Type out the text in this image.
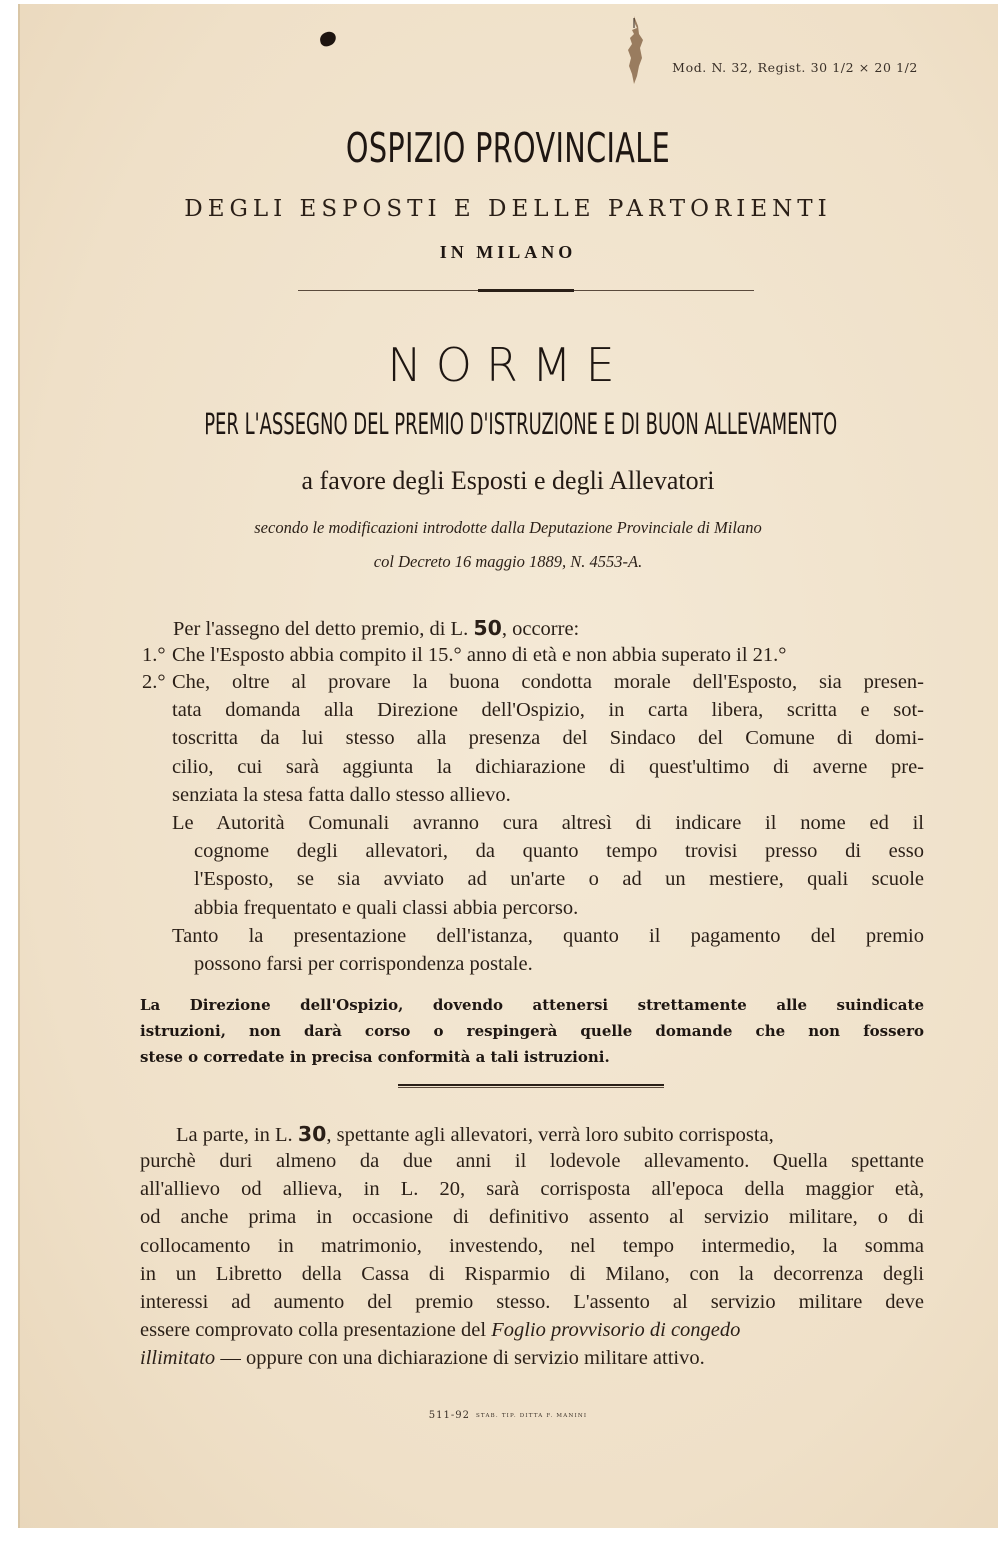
Mod. N. 32, Regist. 30 1/2 × 20 1/2
OSPIZIO PROVINCIALE
DEGLI ESPOSTI E DELLE PARTORIENTI
IN MILANO
NORME
PER L'ASSEGNO DEL PREMIO D'ISTRUZIONE E DI BUON ALLEVAMENTO
a favore degli Esposti e degli Allevatori
secondo le modificazioni introdotte dalla Deputazione Provinciale di Milano
col Decreto 16 maggio 1889, N. 4553-A.
Per l'assegno del detto premio, di L. 50, occorre:
1.° Che l'Esposto abbia compito il 15.° anno di età e non abbia superato il 21.°
2.° Che, oltre al provare la buona condotta morale dell'Esposto, sia presen-
tata domanda alla Direzione dell'Ospizio, in carta libera, scritta e sot-
toscritta da lui stesso alla presenza del Sindaco del Comune di domi-
cilio, cui sarà aggiunta la dichiarazione di quest'ultimo di averne pre-
senziata la stesa fatta dallo stesso allievo.
Le Autorità Comunali avranno cura altresì di indicare il nome ed il
cognome degli allevatori, da quanto tempo trovisi presso di esso
l'Esposto, se sia avviato ad un'arte o ad un mestiere, quali scuole
abbia frequentato e quali classi abbia percorso.
Tanto la presentazione dell'istanza, quanto il pagamento del premio
possono farsi per corrispondenza postale.
La Direzione dell'Ospizio, dovendo attenersi strettamente alle suindicate
istruzioni, non darà corso o respingerà quelle domande che non fossero
stese o corredate in precisa conformità a tali istruzioni.
La parte, in L. 30, spettante agli allevatori, verrà loro subito corrisposta,
purchè duri almeno da due anni il lodevole allevamento. Quella spettante
all'allievo od allieva, in L. 20, sarà corrisposta all'epoca della maggior età,
od anche prima in occasione di definitivo assento al servizio militare, o di
collocamento in matrimonio, investendo, nel tempo intermedio, la somma
in un Libretto della Cassa di Risparmio di Milano, con la decorrenza degli
interessi ad aumento del premio stesso. L'assento al servizio militare deve
essere comprovato colla presentazione del Foglio provvisorio di congedo
illimitato — oppure con una dichiarazione di servizio militare attivo.
511-92 STAB. TIP. DITTA F. MANINI
